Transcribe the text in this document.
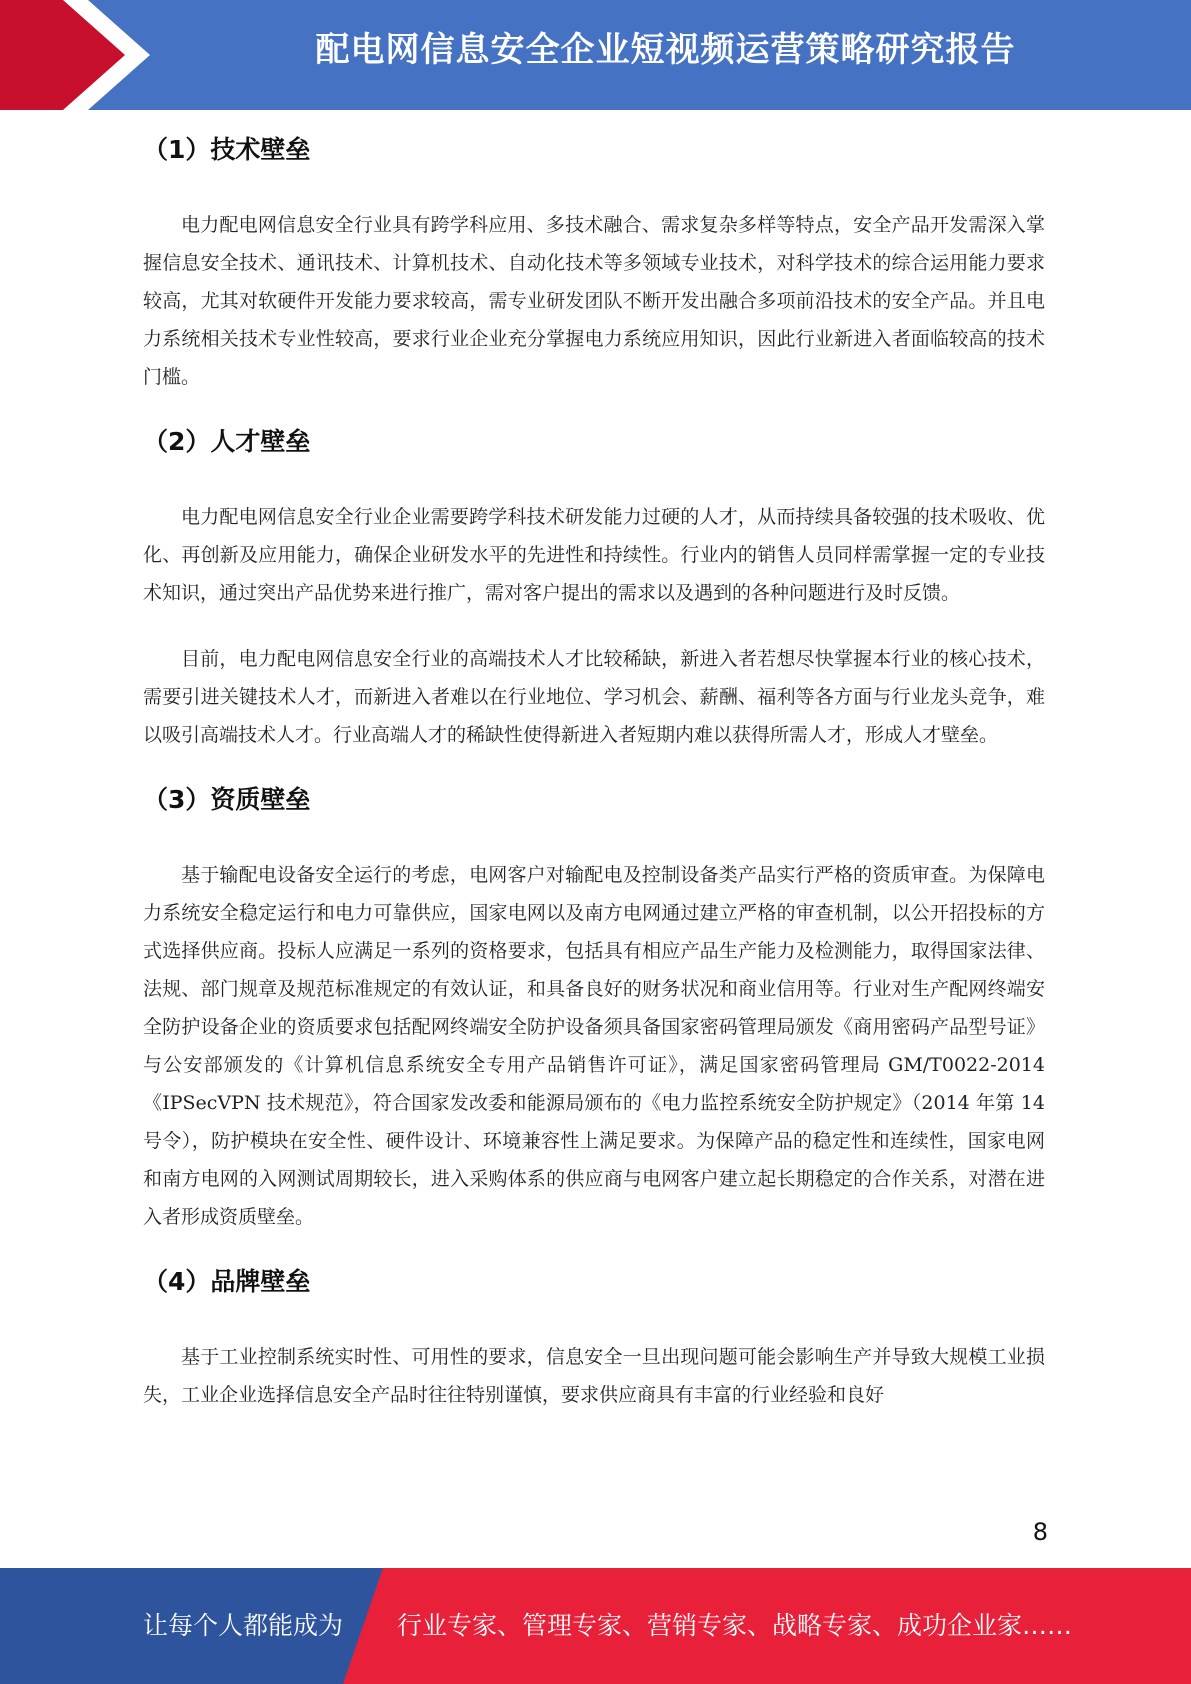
配电网信息安全企业短视频运营策略研究报告
（1）技术壁垒

电力配电网信息安全行业具有跨学科应用、多技术融合、需求复杂多样等特点，安全产品开发需深入掌握信息安全技术、通讯技术、计算机技术、自动化技术等多领域专业技术，对科学技术的综合运用能力要求较高，尤其对软硬件开发能力要求较高，需专业研发团队不断开发出融合多项前沿技术的安全产品。并且电力系统相关技术专业性较高，要求行业企业充分掌握电力系统应用知识，因此行业新进入者面临较高的技术门槛。

（2）人才壁垒

电力配电网信息安全行业企业需要跨学科技术研发能力过硬的人才，从而持续具备较强的技术吸收、优化、再创新及应用能力，确保企业研发水平的先进性和持续性。行业内的销售人员同样需掌握一定的专业技术知识，通过突出产品优势来进行推广，需对客户提出的需求以及遇到的各种问题进行及时反馈。

目前，电力配电网信息安全行业的高端技术人才比较稀缺，新进入者若想尽快掌握本行业的核心技术，需要引进关键技术人才，而新进入者难以在行业地位、学习机会、薪酬、福利等各方面与行业龙头竞争，难以吸引高端技术人才。行业高端人才的稀缺性使得新进入者短期内难以获得所需人才，形成人才壁垒。

（3）资质壁垒

基于输配电设备安全运行的考虑，电网客户对输配电及控制设备类产品实行严格的资质审查。为保障电力系统安全稳定运行和电力可靠供应，国家电网以及南方电网通过建立严格的审查机制，以公开招投标的方式选择供应商。投标人应满足一系列的资格要求，包括具有相应产品生产能力及检测能力，取得国家法律、法规、部门规章及规范标准规定的有效认证，和具备良好的财务状况和商业信用等。行业对生产配网终端安全防护设备企业的资质要求包括配网终端安全防护设备须具备国家密码管理局颁发《商用密码产品型号证》与公安部颁发的《计算机信息系统安全专用产品销售许可证》，满足国家密码管理局 GM/T0022-2014《IPSecVPN 技术规范》，符合国家发改委和能源局颁布的《电力监控系统安全防护规定》（2014 年第 14 号令），防护模块在安全性、硬件设计、环境兼容性上满足要求。为保障产品的稳定性和连续性，国家电网和南方电网的入网测试周期较长，进入采购体系的供应商与电网客户建立起长期稳定的合作关系，对潜在进入者形成资质壁垒。

（4）品牌壁垒

基于工业控制系统实时性、可用性的要求，信息安全一旦出现问题可能会影响生产并导致大规模工业损失，工业企业选择信息安全产品时往往特别谨慎，要求供应商具有丰富的行业经验和良好

8
让每个人都能成为 行业专家、管理专家、营销专家、战略专家、成功企业家……
